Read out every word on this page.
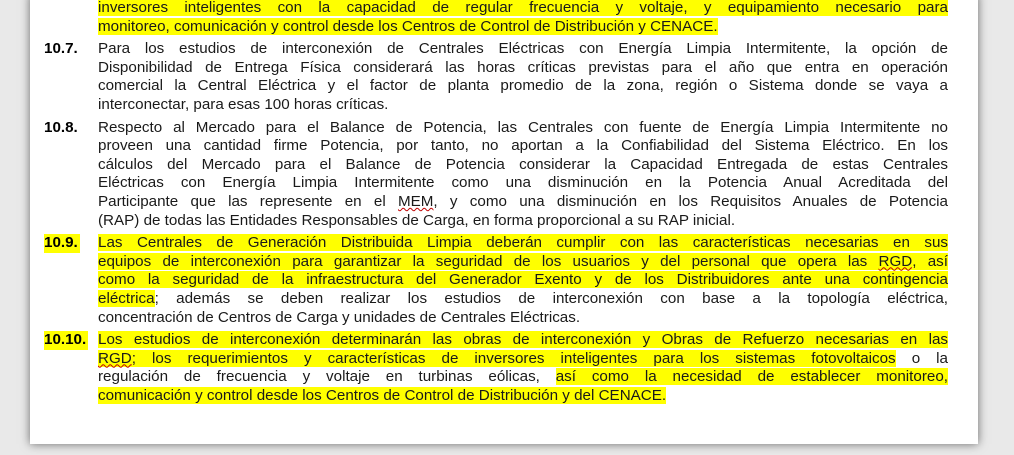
inversores inteligentes con la capacidad de regular frecuencia y voltaje, y equipamiento necesario para
monitoreo, comunicación y control desde los Centros de Control de Distribución y CENACE.
10.7. Para los estudios de interconexión de Centrales Eléctricas con Energía Limpia Intermitente, la opción de
Disponibilidad de Entrega Física considerará las horas críticas previstas para el año que entra en operación
comercial la Central Eléctrica y el factor de planta promedio de la zona, región o Sistema donde se vaya a
interconectar, para esas 100 horas críticas.
10.8. Respecto al Mercado para el Balance de Potencia, las Centrales con fuente de Energía Limpia Intermitente no
proveen una cantidad firme Potencia, por tanto, no aportan a la Confiabilidad del Sistema Eléctrico. En los
cálculos del Mercado para el Balance de Potencia considerar la Capacidad Entregada de estas Centrales
Eléctricas con Energía Limpia Intermitente como una disminución en la Potencia Anual Acreditada del
Participante que las represente en el MEM, y como una disminución en los Requisitos Anuales de Potencia
(RAP) de todas las Entidades Responsables de Carga, en forma proporcional a su RAP inicial.
10.9. Las Centrales de Generación Distribuida Limpia deberán cumplir con las características necesarias en sus
equipos de interconexión para garantizar la seguridad de los usuarios y del personal que opera las RGD, así
como la seguridad de la infraestructura del Generador Exento y de los Distribuidores ante una contingencia
eléctrica; además se deben realizar los estudios de interconexión con base a la topología eléctrica,
concentración de Centros de Carga y unidades de Centrales Eléctricas.
10.10. Los estudios de interconexión determinarán las obras de interconexión y Obras de Refuerzo necesarias en las
RGD; los requerimientos y características de inversores inteligentes para los sistemas fotovoltaicos o la
regulación de frecuencia y voltaje en turbinas eólicas, así como la necesidad de establecer monitoreo,
comunicación y control desde los Centros de Control de Distribución y del CENACE.
